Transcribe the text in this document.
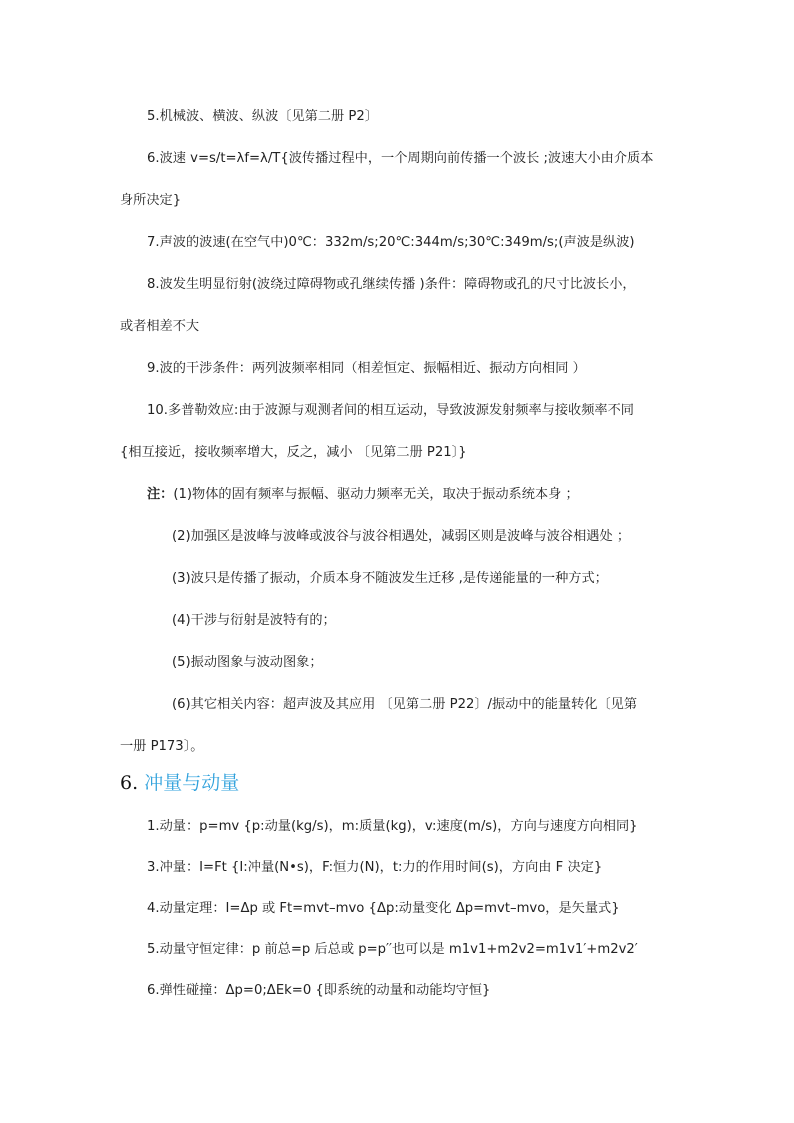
5.机械波、横波、纵波〔见第二册 P2〕
6.波速 v=s/t=λf=λ/T{波传播过程中，一个周期向前传播一个波长 ;波速大小由介质本
身所决定}
7.声波的波速(在空气中)0℃：332m/s;20℃:344m/s;30℃:349m/s;(声波是纵波)
8.波发生明显衍射(波绕过障碍物或孔继续传播 )条件：障碍物或孔的尺寸比波长小，
或者相差不大
9.波的干涉条件：两列波频率相同（相差恒定、振幅相近、振动方向相同 ）
10.多普勒效应:由于波源与观测者间的相互运动，导致波源发射频率与接收频率不同
{相互接近，接收频率增大，反之，减小 〔见第二册 P21〕}
注：(1)物体的固有频率与振幅、驱动力频率无关，取决于振动系统本身 ；
(2)加强区是波峰与波峰或波谷与波谷相遇处，减弱区则是波峰与波谷相遇处 ；
(3)波只是传播了振动，介质本身不随波发生迁移 ,是传递能量的一种方式；
(4)干涉与衍射是波特有的；
(5)振动图象与波动图象；
(6)其它相关内容：超声波及其应用 〔见第二册 P22〕/振动中的能量转化〔见第
一册 P173〕。
6. 冲量与动量
1.动量：p=mv {p:动量(kg/s)，m:质量(kg)，v:速度(m/s)，方向与速度方向相同}
3.冲量：I=Ft {I:冲量(N•s)，F:恒力(N)，t:力的作用时间(s)，方向由 F 决定}
4.动量定理：I=Δp 或 Ft=mvt–mvo {Δp:动量变化 Δp=mvt–mvo，是矢量式}
5.动量守恒定律：p 前总=p 后总或 p=p′′也可以是 m1v1+m2v2=m1v1′+m2v2′
6.弹性碰撞：Δp=0;ΔEk=0 {即系统的动量和动能均守恒}
